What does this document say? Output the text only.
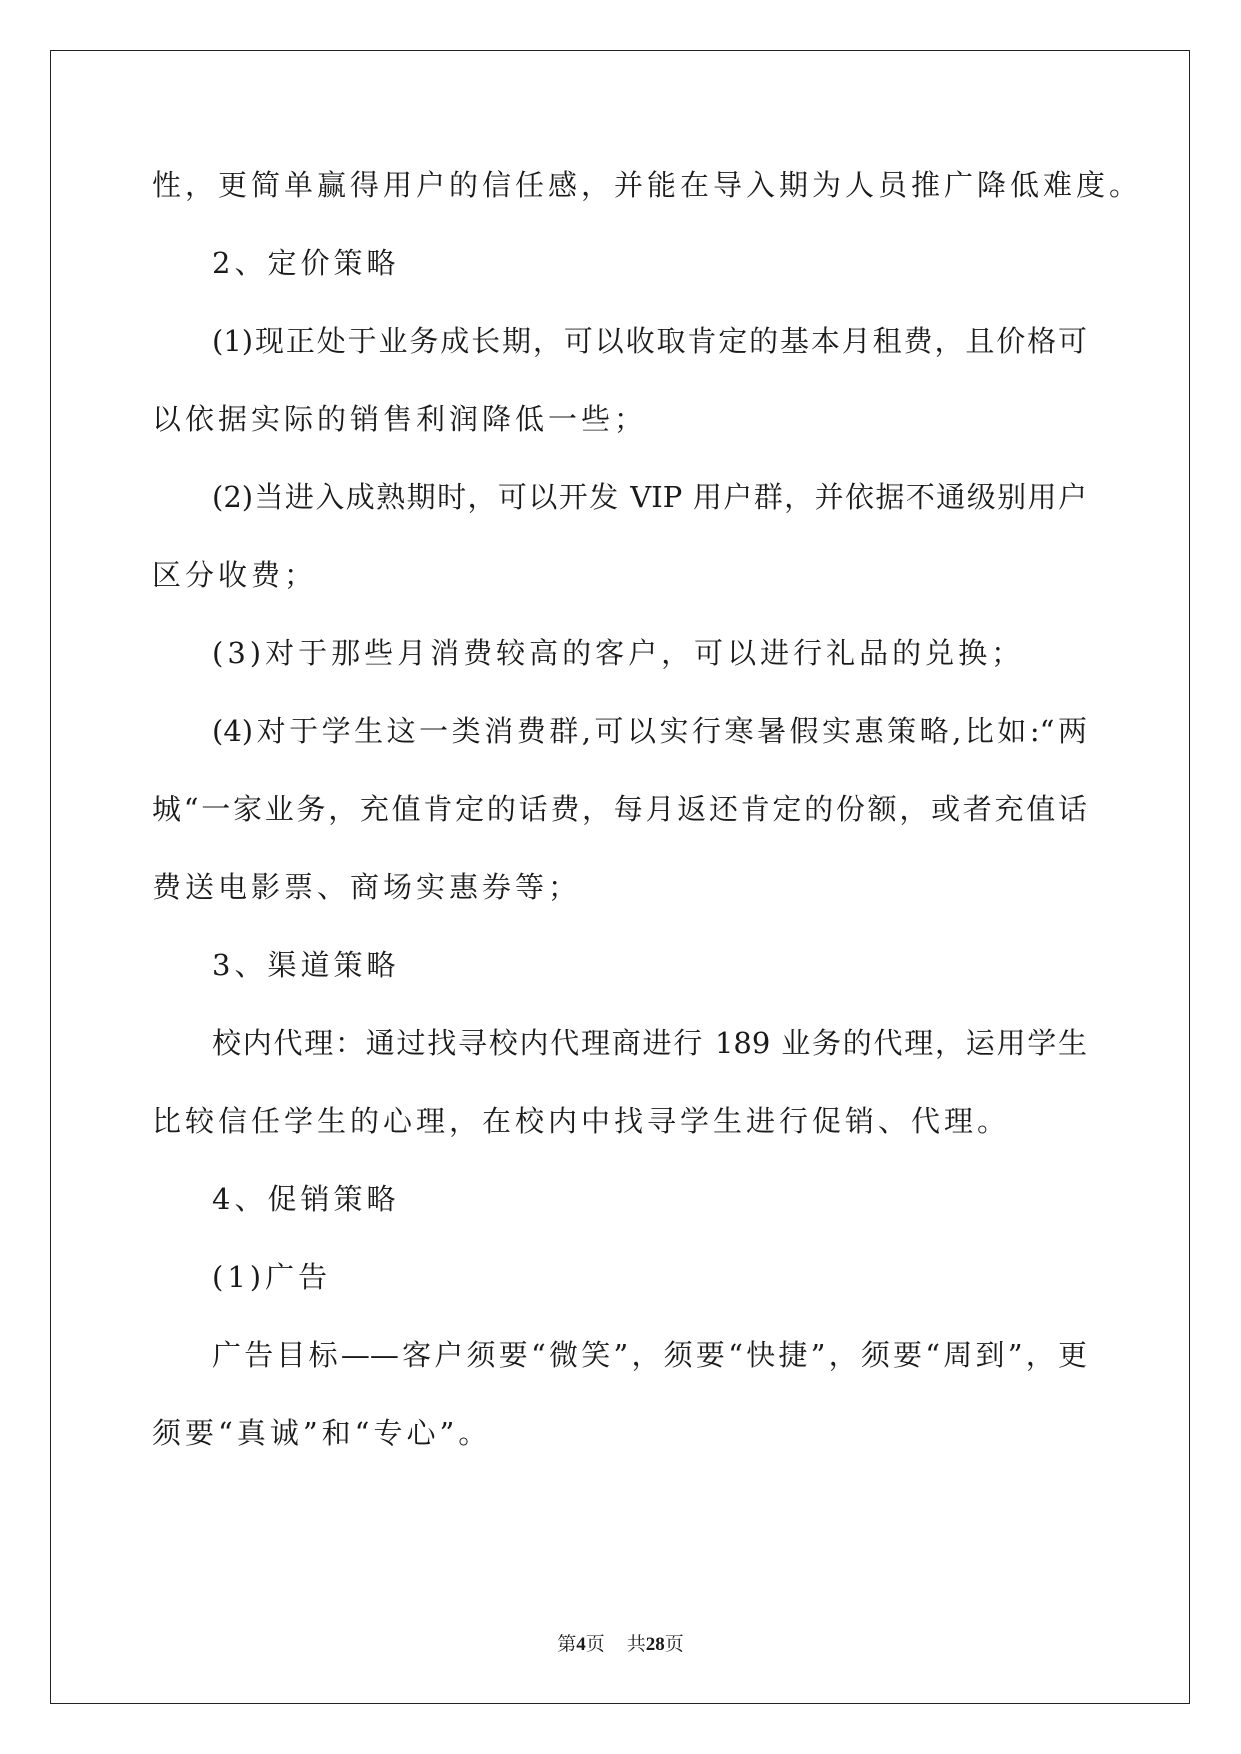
性，更简单赢得用户的信任感，并能在导入期为人员推广降低难度。
2、定价策略
(1)现正处于业务成长期，可以收取肯定的基本月租费，且价格可
以依据实际的销售利润降低一些；
(2)当进入成熟期时，可以开发 VIP 用户群，并依据不通级别用户
区分收费；
(3)对于那些月消费较高的客户，可以进行礼品的兑换；
(4)对于学生这一类消费群,可以实行寒暑假实惠策略,比如:“两
城“一家业务，充值肯定的话费，每月返还肯定的份额，或者充值话
费送电影票、商场实惠券等；
3、渠道策略
校内代理：通过找寻校内代理商进行 189 业务的代理，运用学生
比较信任学生的心理，在校内中找寻学生进行促销、代理。
4、促销策略
(1)广告
广告目标——客户须要“微笑”，须要“快捷”，须要“周到”，更
须要“真诚”和“专心”。
第4页 共28页
